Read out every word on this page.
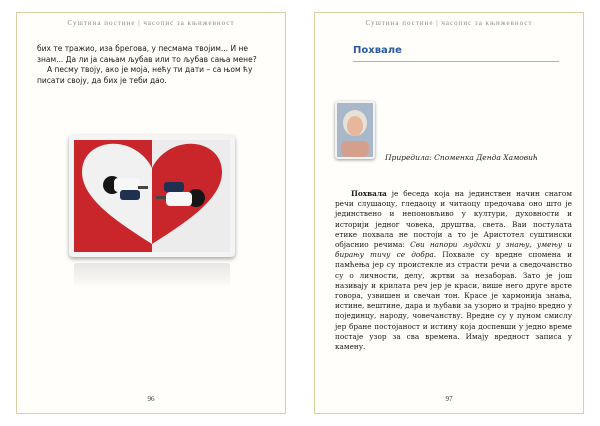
Суштина постине | часопис за књижевност

бих те тражио, иза брегова, у песмама твојим... И не знам... Да ли ја сањам љубав или то љубав сања мене?

А песму твоју, ако је моја, нећу ти дати – са њом ћу писати своју, да бих је теби дао.

96
Суштина постине | часопис за књижевност
Похвале
Приредила: Споменка Денда Хамовић
Похвала је беседа која на јединствен начин снагом речи слушаоцу, гледаоцу и читаоцу предочава оно што је јединствено и непоновљиво у култури, духовности и историји једног човека, друштва, света. Ваи постулата етике похвала не постоји а то је Аристотел суштински објаснио речима: Сви напори људски у знању, умењу и бирању тичу се добра. Похвале су вредне спомена и памћења јер су проистекле из страсти речи а сведочанство су о личности, делу, жртви за незаборав. Зато је још називају и крилата реч јер је краси, више него друге врсте говора, узвишен и свечан тон. Красе је хармонија знања, истине, вештине, дара и љубави за узорно и трајно вредно у појединцу, народу, човечанству. Вредне су у пуном смислу јер бране постојаност и истину која доспевши у једно време постаје узор за сва времена. Имају вредност записа у камену.
97
